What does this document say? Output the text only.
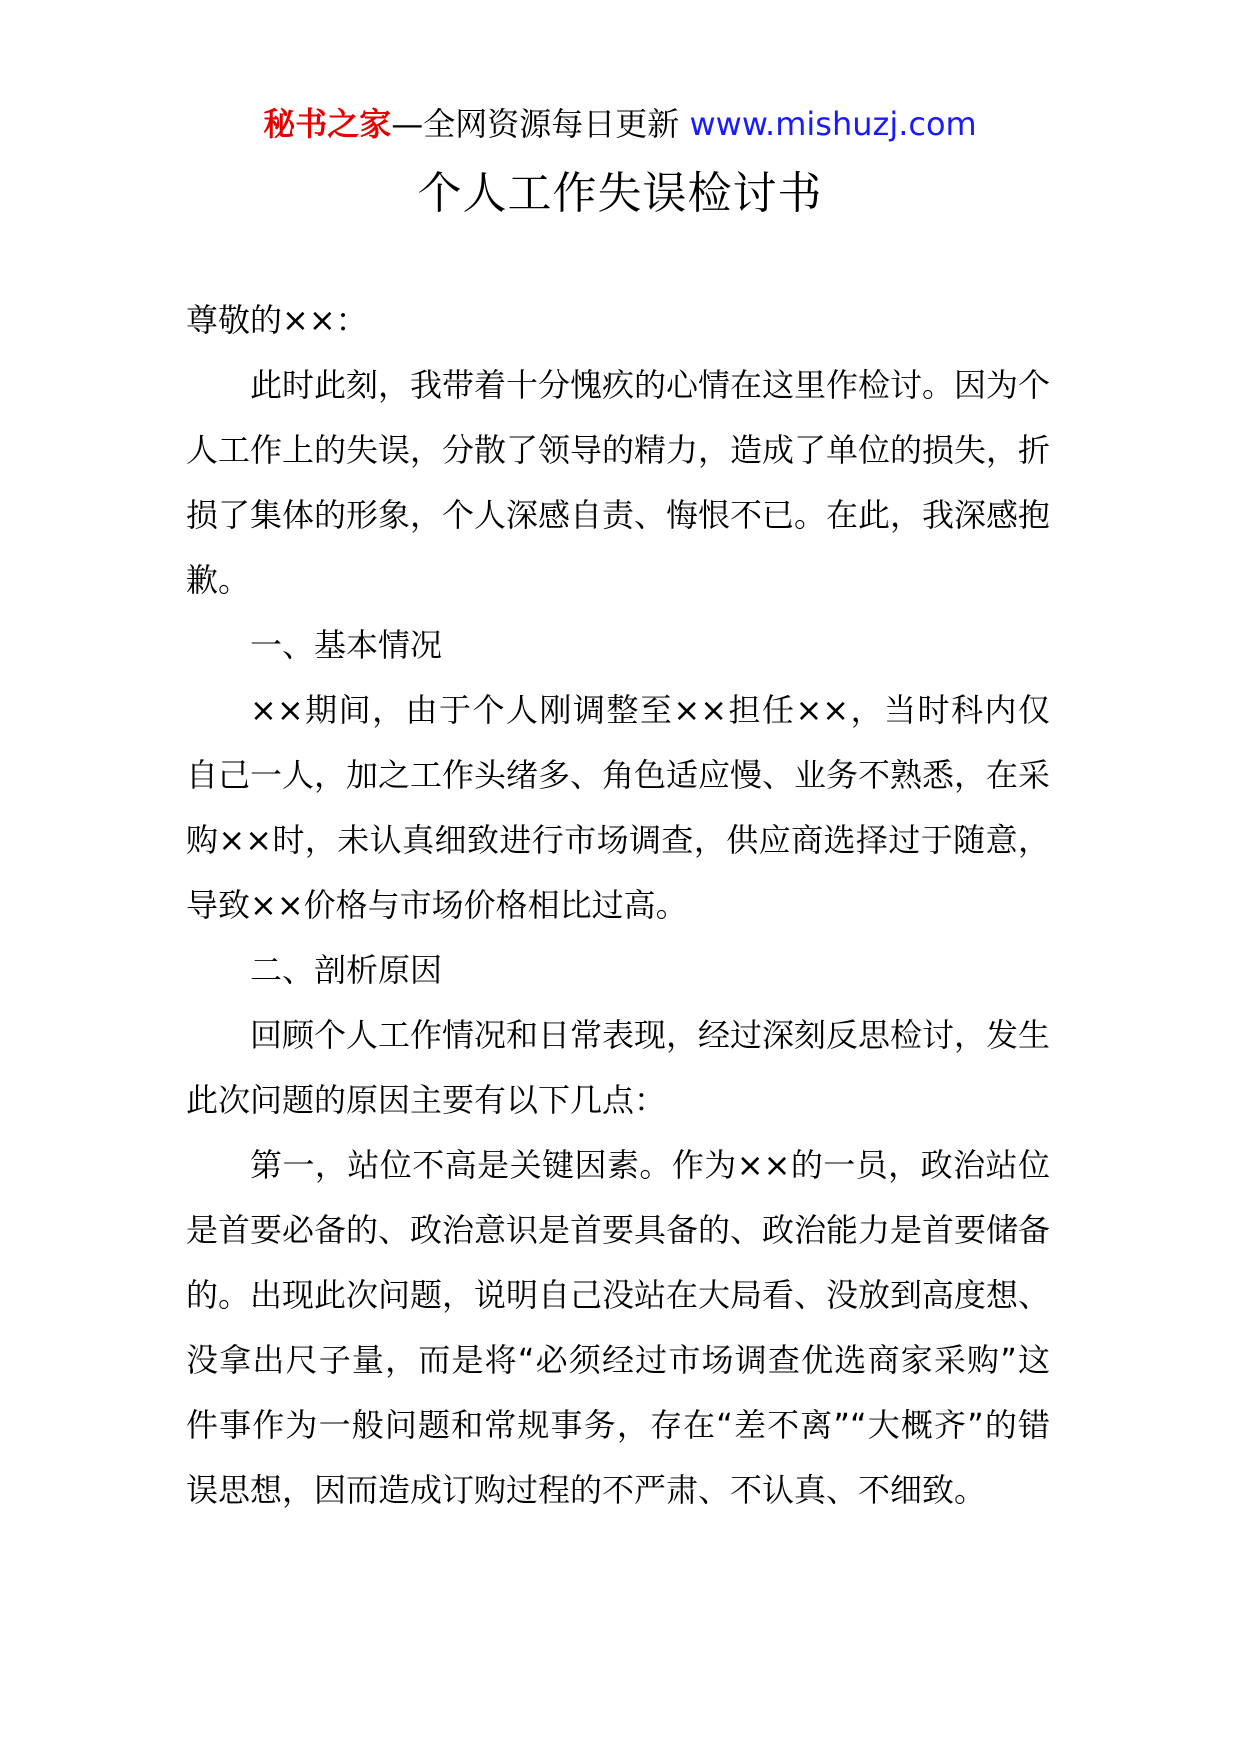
秘书之家—全网资源每日更新 www.mishuzj.com
个人工作失误检讨书

尊敬的××：

此时此刻，我带着十分愧疚的心情在这里作检讨。因为个人工作上的失误，分散了领导的精力，造成了单位的损失，折损了集体的形象，个人深感自责、悔恨不已。在此，我深感抱歉。

一、基本情况

××期间，由于个人刚调整至××担任××，当时科内仅自己一人，加之工作头绪多、角色适应慢、业务不熟悉，在采购××时，未认真细致进行市场调查，供应商选择过于随意，导致××价格与市场价格相比过高。

二、剖析原因

回顾个人工作情况和日常表现，经过深刻反思检讨，发生此次问题的原因主要有以下几点：

第一，站位不高是关键因素。作为××的一员，政治站位是首要必备的、政治意识是首要具备的、政治能力是首要储备的。出现此次问题，说明自己没站在大局看、没放到高度想、没拿出尺子量，而是将“必须经过市场调查优选商家采购”这件事作为一般问题和常规事务，存在“差不离”“大概齐”的错误思想，因而造成订购过程的不严肃、不认真、不细致。
